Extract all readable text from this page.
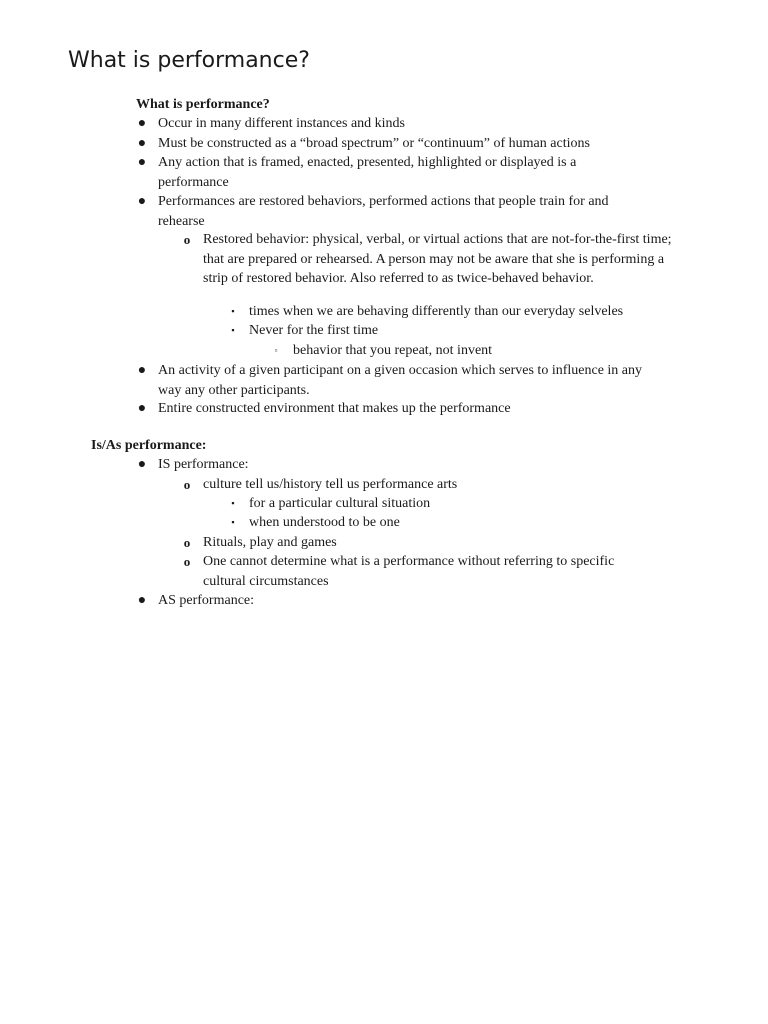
What is performance?

What is performance?

● Occur in many different instances and kinds
● Must be constructed as a “broad spectrum” or “continuum” of human actions
● Any action that is framed, enacted, presented, highlighted or displayed is a performance
● Performances are restored behaviors, performed actions that people train for and rehearse
o Restored behavior: physical, verbal, or virtual actions that are not-for-the-first time; that are prepared or rehearsed. A person may not be aware that she is performing a strip of restored behavior. Also referred to as twice-behaved behavior.
▪	times when we are behaving differently than our everyday selveles
▪	Never for the first time
▫	behavior that you repeat, not invent
● An activity of a given participant on a given occasion which serves to influence in any way any other participants.
● Entire constructed environment that makes up the performance

Is/As performance:

● IS performance:
o culture tell us/history tell us performance arts
▪	for a particular cultural situation
▪	when understood to be one
o Rituals, play and games
o One cannot determine what is a performance without referring to specific cultural circumstances
● AS performance:
